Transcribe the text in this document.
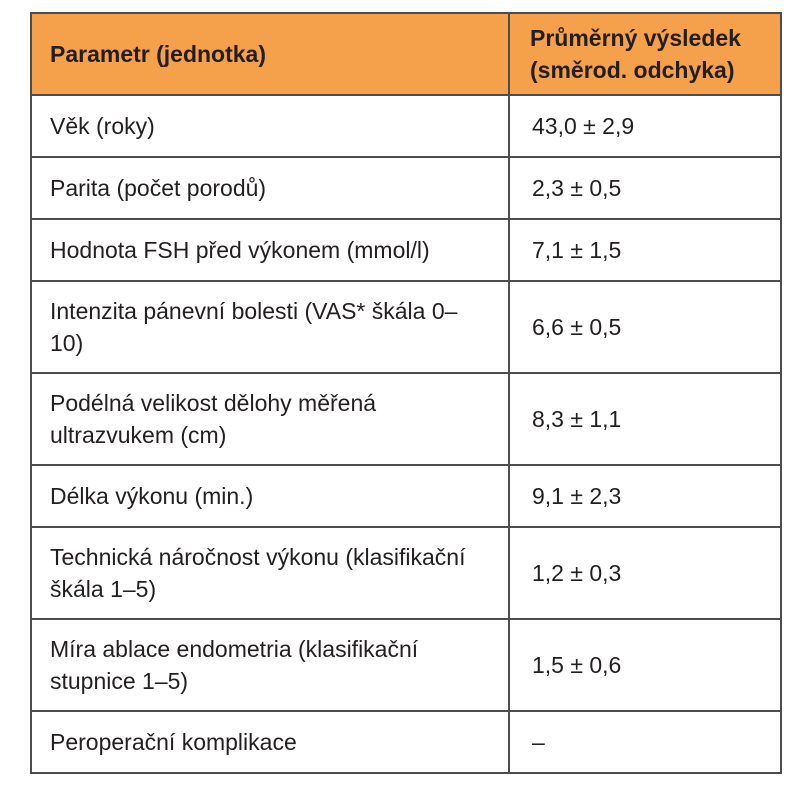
Parametr (jednotka)	Průměrný výsledek (směrod. odchyka)
Věk (roky)	43,0 ± 2,9
Parita (počet porodů)	2,3 ± 0,5
Hodnota FSH před výkonem (mmol/l)	7,1 ± 1,5
Intenzita pánevní bolesti (VAS* škála 0–10)	6,6 ± 0,5
Podélná velikost dělohy měřená ultrazvukem (cm)	8,3 ± 1,1
Délka výkonu (min.)	9,1 ± 2,3
Technická náročnost výkonu (klasifikační škála 1–5)	1,2 ± 0,3
Míra ablace endometria (klasifikační stupnice 1–5)	1,5 ± 0,6
Peroperační komplikace	–
